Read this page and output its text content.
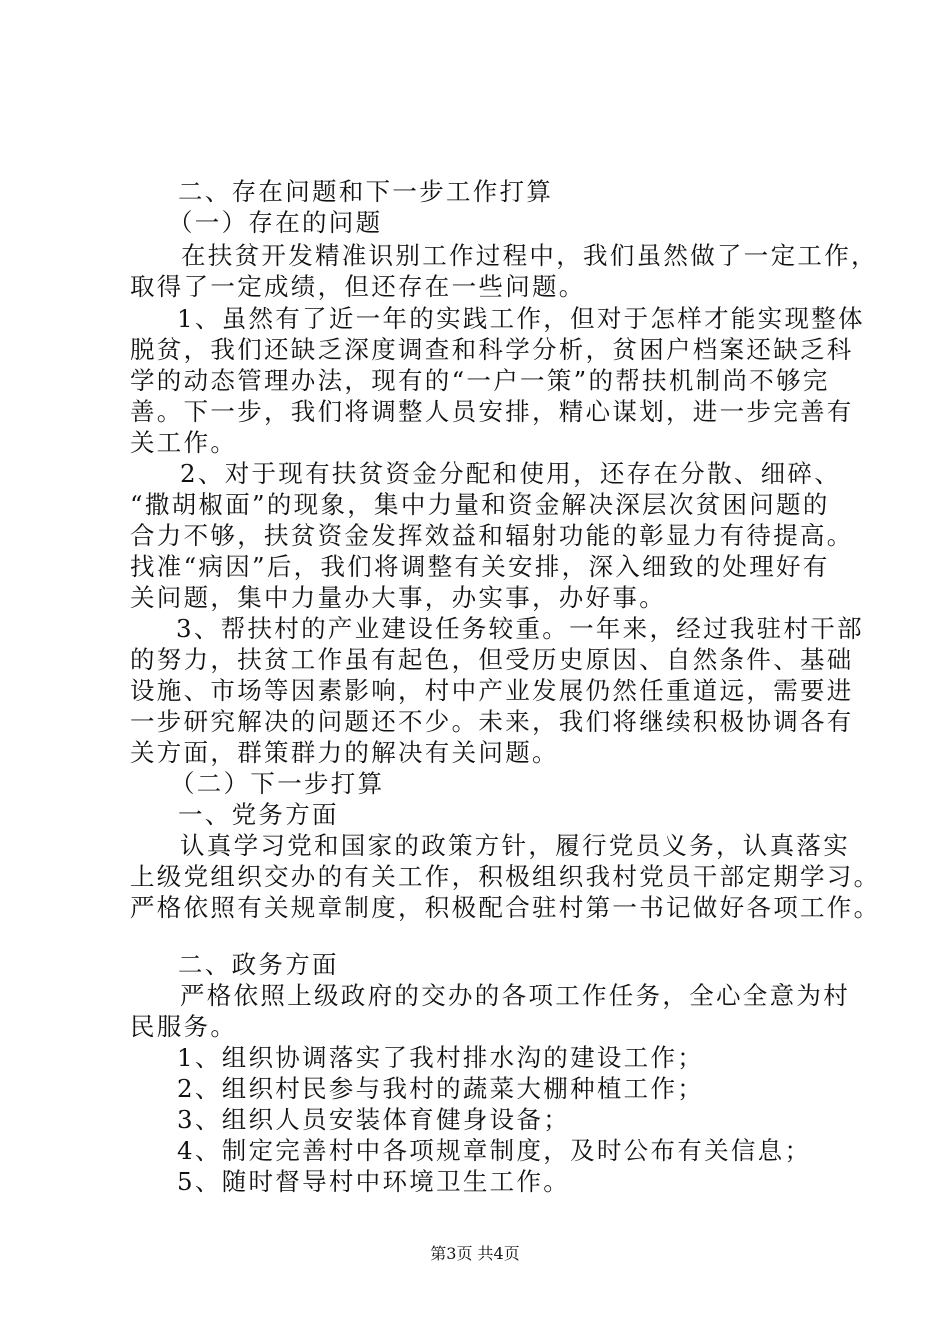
二、存在问题和下一步工作打算
（一）存在的问题
在扶贫开发精准识别工作过程中，我们虽然做了一定工作，
取得了一定成绩，但还存在一些问题。
1、虽然有了近一年的实践工作，但对于怎样才能实现整体
脱贫，我们还缺乏深度调查和科学分析，贫困户档案还缺乏科
学的动态管理办法，现有的“一户一策”的帮扶机制尚不够完
善。下一步，我们将调整人员安排，精心谋划，进一步完善有
关工作。
2、对于现有扶贫资金分配和使用，还存在分散、细碎、
“撒胡椒面”的现象，集中力量和资金解决深层次贫困问题的
合力不够，扶贫资金发挥效益和辐射功能的彰显力有待提高。
找准“病因”后，我们将调整有关安排，深入细致的处理好有
关问题，集中力量办大事，办实事，办好事。
3、帮扶村的产业建设任务较重。一年来，经过我驻村干部
的努力，扶贫工作虽有起色，但受历史原因、自然条件、基础
设施、市场等因素影响，村中产业发展仍然任重道远，需要进
一步研究解决的问题还不少。未来，我们将继续积极协调各有
关方面，群策群力的解决有关问题。
（二）下一步打算
一、党务方面
认真学习党和国家的政策方针，履行党员义务，认真落实
上级党组织交办的有关工作，积极组织我村党员干部定期学习。
严格依照有关规章制度，积极配合驻村第一书记做好各项工作。
二、政务方面
严格依照上级政府的交办的各项工作任务，全心全意为村
民服务。
1、组织协调落实了我村排水沟的建设工作；
2、组织村民参与我村的蔬菜大棚种植工作；
3、组织人员安装体育健身设备；
4、制定完善村中各项规章制度，及时公布有关信息；
5、随时督导村中环境卫生工作。
第3页 共4页
